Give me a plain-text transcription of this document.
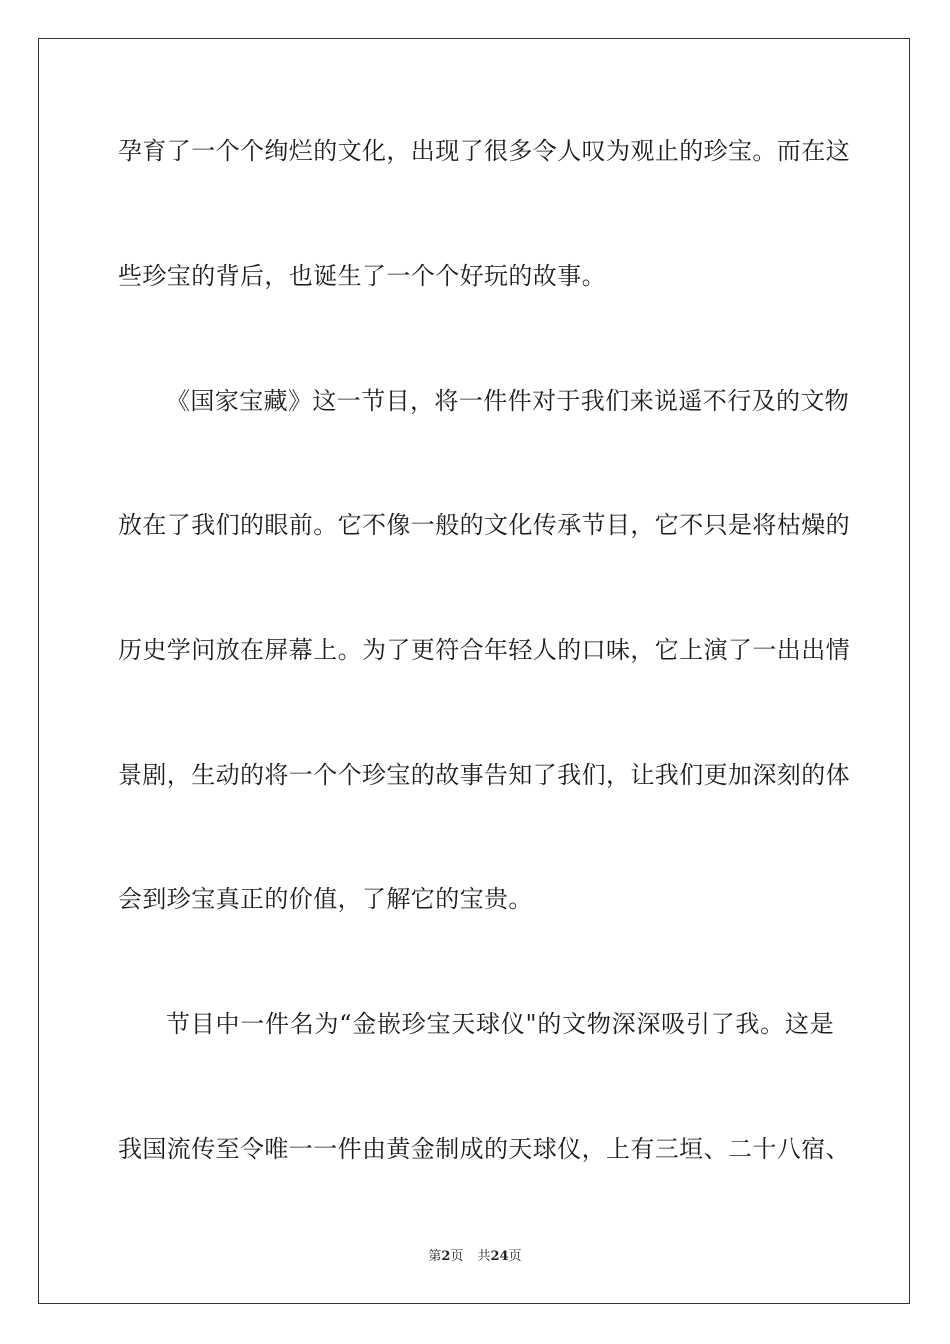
孕育了一个个绚烂的文化，出现了很多令人叹为观止的珍宝。而在这
些珍宝的背后，也诞生了一个个好玩的故事。
《国家宝藏》这一节目，将一件件对于我们来说遥不行及的文物
放在了我们的眼前。它不像一般的文化传承节目，它不只是将枯燥的
历史学问放在屏幕上。为了更符合年轻人的口味，它上演了一出出情
景剧，生动的将一个个珍宝的故事告知了我们，让我们更加深刻的体
会到珍宝真正的价值，了解它的宝贵。
节目中一件名为“金嵌珍宝天球仪"的文物深深吸引了我。这是
我国流传至令唯一一件由黄金制成的天球仪，上有三垣、二十八宿、
第2页 共24页
